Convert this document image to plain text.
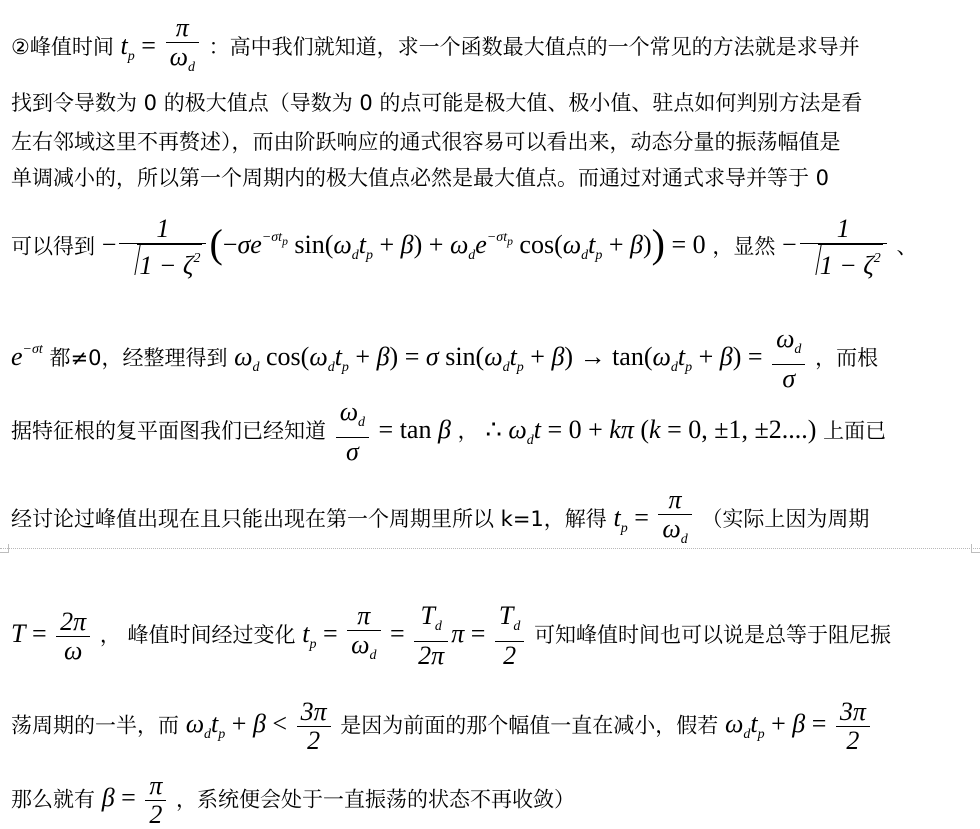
②峰值时间 $t_p = \frac{\pi}{\omega_d}$ ：高中我们就知道，求一个函数最大值点的一个常见的方法就是求导并
找到令导数为 0 的极大值点（导数为 0 的点可能是极大值、极小值、驻点如何判别方法是看
左右邻域这里不再赘述），而由阶跃响应的通式很容易可以看出来，动态分量的振荡幅值是
单调减小的，所以第一个周期内的极大值点必然是最大值点。而通过对通式求导并等于 0
可以得到 − $\frac{1}{1 - \zeta^2} (-\sigma e^{-\sigma t_p}$ $\sin(\omega_dt_p + \beta) + \omega_de^{-\sigma t_p}$ $\cos(\omega_dt_p + \beta)) = 0$ ，显然 − $\frac{1}{1 - \zeta^2}$ 、
$e^{-\sigma t}$ 都≠0，经整理得到 $\omega_d$ $\cos(\omega_dt_p + \beta) = \sigma$ $\sin(\omega_dt_p + \beta) \to \tan(\omega_dt_p + \beta) = \frac{\omega_d}{\sigma}$ ，而根
据特征根的复平面图我们已经知道 $\frac{\omega_d}{\sigma} = \tan \beta$ ， ∴ $\omega_dt = 0 + k\pi$ (k = 0, ±1, ±2....) 上面已
经讨论过峰值出现在且只能出现在第一个周期里所以 k=1，解得 $t_p = \frac{\pi}{\omega_d}$ （实际上因为周期
$T = \frac{2\pi}{\omega}$ ， 峰值时间经过变化 $t_p = \frac{\pi}{\omega_d} = \frac{T_d}{2\pi}$ $\pi = \frac{T_d}{2}$ 可知峰值时间也可以说是总等于阻尼振
荡周期的一半，而 $\omega_dt_p + \beta < \frac{3\pi}{2}$ 是因为前面的那个幅值一直在减小，假若 $\omega_dt_p + \beta = \frac{3\pi}{2}$
那么就有 $\beta = \frac{\pi}{2}$ ，系统便会处于一直振荡的状态不再收敛）
